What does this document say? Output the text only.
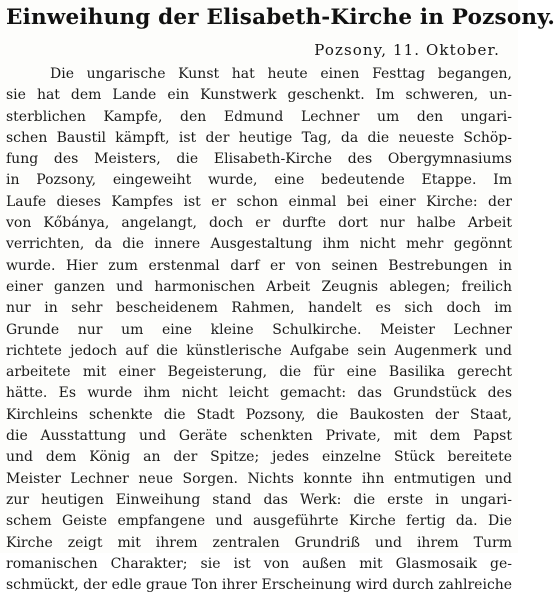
Einweihung der Elisabeth-Kirche in Pozsony.

Pozsony, 11. Oktober.

Die ungarische Kunst hat heute einen Festtag begangen,
sie hat dem Lande ein Kunstwerk geschenkt. Im schweren, un-
sterblichen Kampfe, den Edmund Lechner um den ungari-
schen Baustil kämpft, ist der heutige Tag, da die neueste Schöp-
fung des Meisters, die Elisabeth-Kirche des Obergymnasiums
in Pozsony, eingeweiht wurde, eine bedeutende Etappe. Im
Laufe dieses Kampfes ist er schon einmal bei einer Kirche: der
von Kőbánya, angelangt, doch er durfte dort nur halbe Arbeit
verrichten, da die innere Ausgestaltung ihm nicht mehr gegönnt
wurde. Hier zum erstenmal darf er von seinen Bestrebungen in
einer ganzen und harmonischen Arbeit Zeugnis ablegen; freilich
nur in sehr bescheidenem Rahmen, handelt es sich doch im
Grunde nur um eine kleine Schulkirche. Meister Lechner
richtete jedoch auf die künstlerische Aufgabe sein Augenmerk und
arbeitete mit einer Begeisterung, die für eine Basilika gerecht
hätte. Es wurde ihm nicht leicht gemacht: das Grundstück des
Kirchleins schenkte die Stadt Pozsony, die Baukosten der Staat,
die Ausstattung und Geräte schenkten Private, mit dem Papst
und dem König an der Spitze; jedes einzelne Stück bereitete
Meister Lechner neue Sorgen. Nichts konnte ihn entmutigen und
zur heutigen Einweihung stand das Werk: die erste in ungari-
schem Geiste empfangene und ausgeführte Kirche fertig da. Die
Kirche zeigt mit ihrem zentralen Grundriß und ihrem Turm
romanischen Charakter; sie ist von außen mit Glasmosaik ge-
schmückt, der edle graue Ton ihrer Erscheinung wird durch zahlreiche
